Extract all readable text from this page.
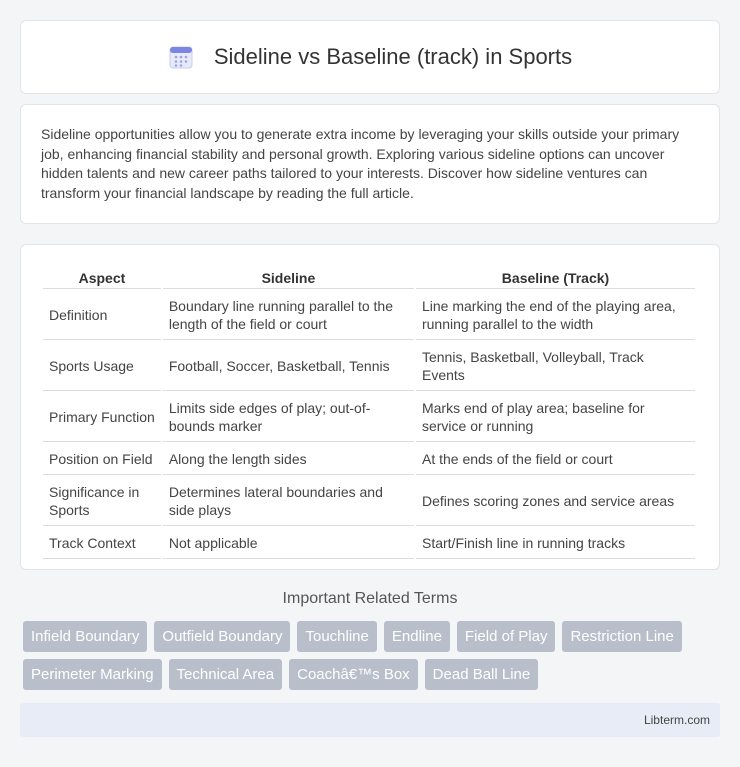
Sideline vs Baseline (track) in Sports

Sideline opportunities allow you to generate extra income by leveraging your skills outside your primary job, enhancing financial stability and personal growth. Exploring various sideline options can uncover hidden talents and new career paths tailored to your interests. Discover how sideline ventures can transform your financial landscape by reading the full article.

Aspect	Sideline	Baseline (Track)
Definition	Boundary line running parallel to the length of the field or court	Line marking the end of the playing area, running parallel to the width
Sports Usage	Football, Soccer, Basketball, Tennis	Tennis, Basketball, Volleyball, Track Events
Primary Function	Limits side edges of play; out-of-bounds marker	Marks end of play area; baseline for service or running
Position on Field	Along the length sides	At the ends of the field or court
Significance in Sports	Determines lateral boundaries and side plays	Defines scoring zones and service areas
Track Context	Not applicable	Start/Finish line in running tracks
Important Related Terms
Infield Boundary	Outfield Boundary	Touchline	Endline	Field of Play	Restriction Line
Perimeter Marking	Technical Area	Coachâ€™s Box	Dead Ball Line
Libterm.com
